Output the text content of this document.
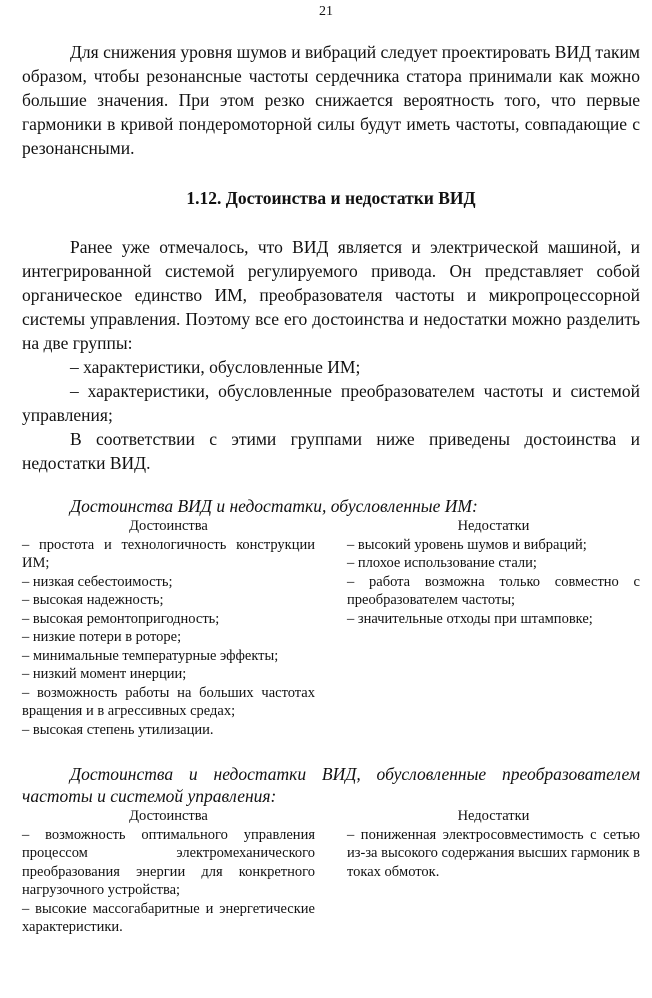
21

Для снижения уровня шумов и вибраций следует проектировать ВИД таким образом, чтобы резонансные частоты сердечника статора принимали как можно большие значения. При этом резко снижается вероятность того, что первые гармоники в кривой пондеромоторной силы будут иметь частоты, совпадающие с резонансными.

1.12. Достоинства и недостатки ВИД

Ранее уже отмечалось, что ВИД является и электрической машиной, и интегрированной системой регулируемого привода. Он представляет собой органическое единство ИМ, преобразователя частоты и микропроцессорной системы управления. Поэтому все его достоинства и недостатки можно разделить на две группы:

– характеристики, обусловленные ИМ;

– характеристики, обусловленные преобразователем частоты и системой управления;

В соответствии с этими группами ниже приведены достоинства и недостатки ВИД.

Достоинства ВИД и недостатки, обусловленные ИМ:
Достоинства
– простота и технологичность конструкции ИМ;
– низкая себестоимость;
– высокая надежность;
– высокая ремонтопригодность;
– низкие потери в роторе;
– минимальные температурные эффекты;
– низкий момент инерции;
– возможность работы на больших частотах вращения и в агрессивных средах;
– высокая степень утилизации.
Недостатки
– высокий уровень шумов и вибраций;
– плохое использование стали;
– работа возможна только совместно с преобразователем частоты;
– значительные отходы при штамповке;
Достоинства и недостатки ВИД, обусловленные преобразователем частоты и системой управления:
Достоинства
– возможность оптимального управления процессом электромеханического преобразования энергии для конкретного нагрузочного устройства;
– высокие массогабаритные и энергетические характеристики.
Недостатки
– пониженная электросовместимость с сетью из-за высокого содержания высших гармоник в токах обмоток.
